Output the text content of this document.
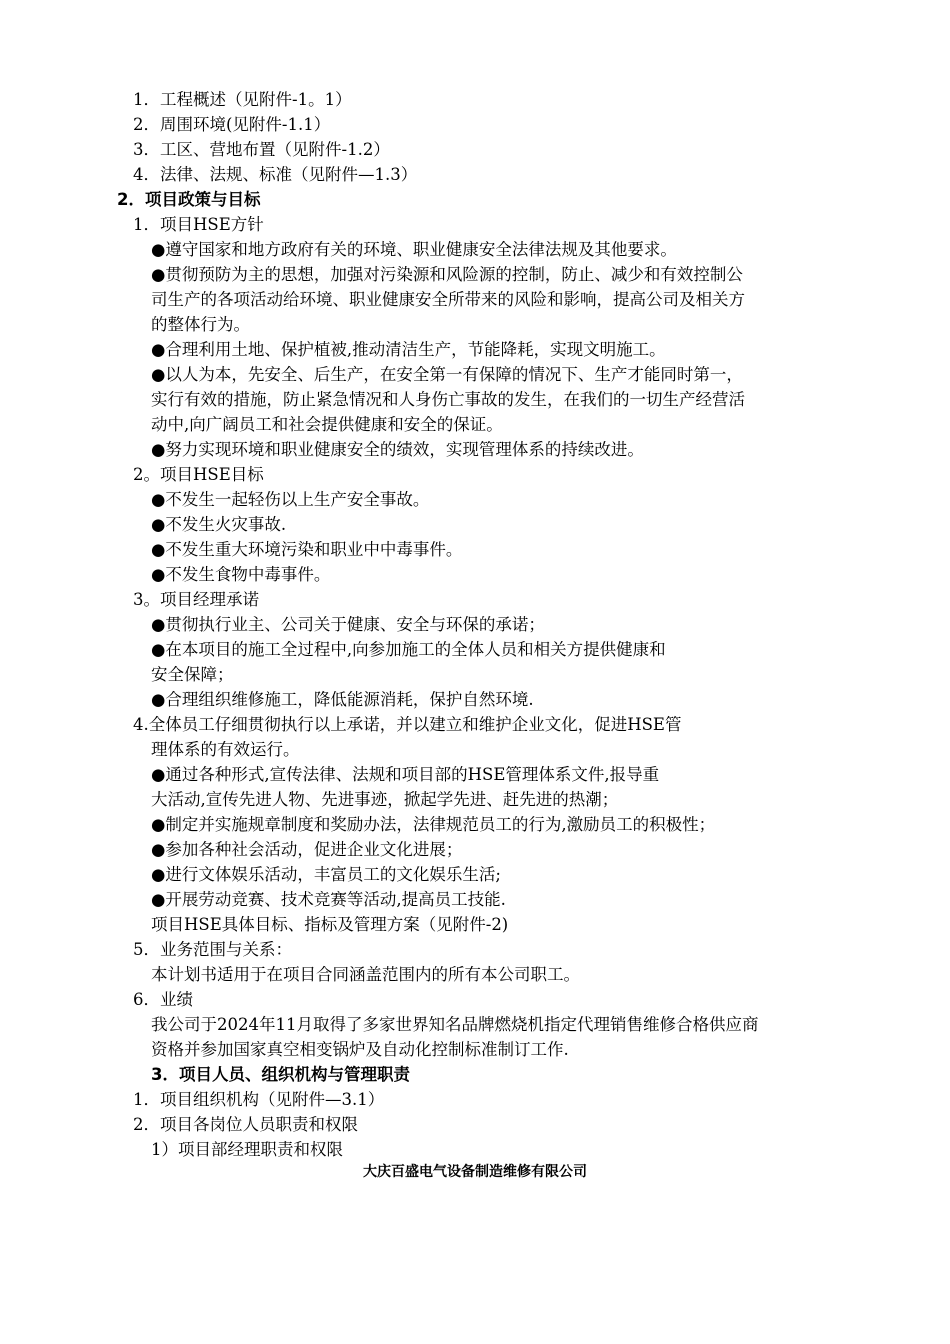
1．工程概述（见附件-1。1）
2．周围环境(见附件-1.1）
3．工区、营地布置（见附件-1.2）
4．法律、法规、标准（见附件—1.3）
2．项目政策与目标
1．项目HSE方针
●遵守国家和地方政府有关的环境、职业健康安全法律法规及其他要求。
●贯彻预防为主的思想，加强对污染源和风险源的控制，防止、减少和有效控制公
司生产的各项活动给环境、职业健康安全所带来的风险和影响，提高公司及相关方
的整体行为。
●合理利用土地、保护植被,推动清洁生产，节能降耗，实现文明施工。
●以人为本，先安全、后生产，在安全第一有保障的情况下、生产才能同时第一，
实行有效的措施，防止紧急情况和人身伤亡事故的发生，在我们的一切生产经营活
动中,向广阔员工和社会提供健康和安全的保证。
●努力实现环境和职业健康安全的绩效，实现管理体系的持续改进。
2。项目HSE目标
●不发生一起轻伤以上生产安全事故。
●不发生火灾事故.
●不发生重大环境污染和职业中中毒事件。
●不发生食物中毒事件。
3。项目经理承诺
●贯彻执行业主、公司关于健康、安全与环保的承诺；
●在本项目的施工全过程中,向参加施工的全体人员和相关方提供健康和
安全保障；
●合理组织维修施工，降低能源消耗，保护自然环境.
4.全体员工仔细贯彻执行以上承诺，并以建立和维护企业文化，促进HSE管
理体系的有效运行。
●通过各种形式,宣传法律、法规和项目部的HSE管理体系文件,报导重
大活动,宣传先进人物、先进事迹，掀起学先进、赶先进的热潮；
●制定并实施规章制度和奖励办法，法律规范员工的行为,激励员工的积极性；
●参加各种社会活动，促进企业文化进展；
●进行文体娱乐活动，丰富员工的文化娱乐生活;
●开展劳动竞赛、技术竞赛等活动,提高员工技能.
项目HSE具体目标、指标及管理方案（见附件-2)
5．业务范围与关系：
本计划书适用于在项目合同涵盖范围内的所有本公司职工。
6．业绩
我公司于2024年11月取得了多家世界知名品牌燃烧机指定代理销售维修合格供应商
资格并参加国家真空相变锅炉及自动化控制标准制订工作.
3．项目人员、组织机构与管理职责
1．项目组织机构（见附件—3.1）
2．项目各岗位人员职责和权限
1）项目部经理职责和权限
大庆百盛电气设备制造维修有限公司
